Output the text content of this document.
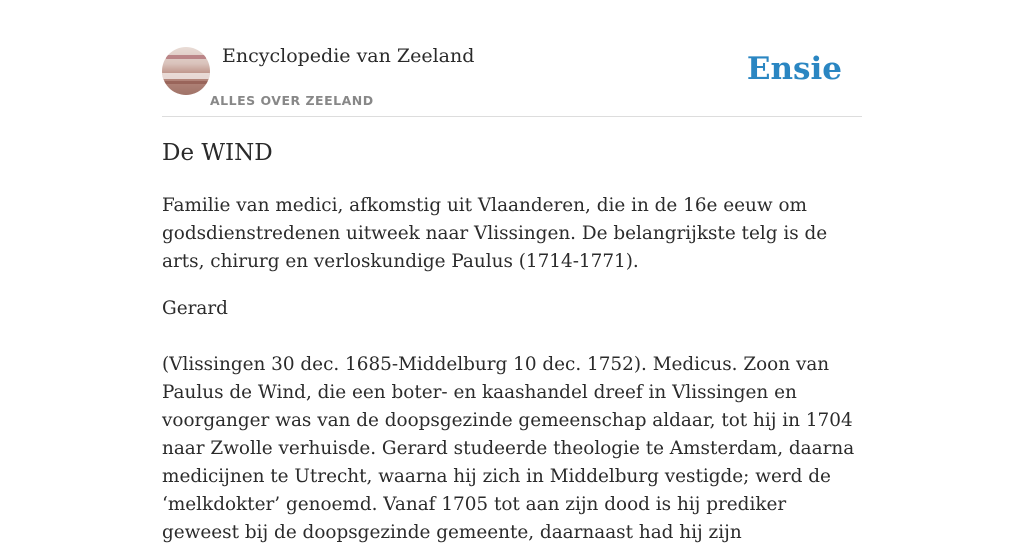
Encyclopedie van Zeeland
ALLES OVER ZEELAND
Ensie
De WIND

Familie van medici, afkomstig uit Vlaanderen, die in de 16e eeuw om godsdienstredenen uitweek naar Vlissingen. De belangrijkste telg is de arts, chirurg en verloskundige Paulus (1714-1771).

Gerard

(Vlissingen 30 dec. 1685-Middelburg 10 dec. 1752). Medicus. Zoon van Paulus de Wind, die een boter- en kaashandel dreef in Vlissingen en voorganger was van de doopsgezinde gemeenschap aldaar, tot hij in 1704 naar Zwolle verhuisde. Gerard studeerde theologie te Amsterdam, daarna medicijnen te Utrecht, waarna hij zich in Middelburg vestigde; werd de ‘melkdokter’ genoemd. Vanaf 1705 tot aan zijn dood is hij prediker geweest bij de doopsgezinde gemeente, daarnaast had hij zijn
